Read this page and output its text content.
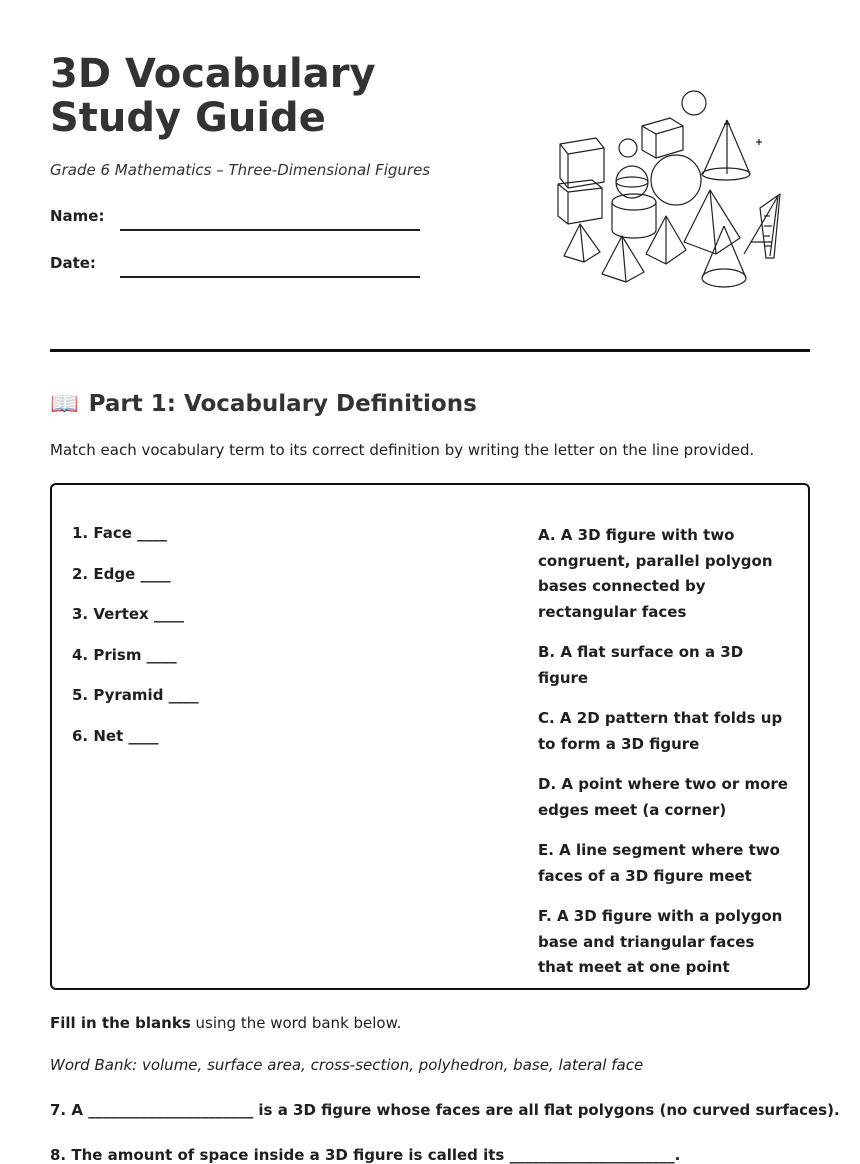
3D Vocabulary Study Guide
Grade 6 Mathematics – Three-Dimensional Figures
Name:
Date:
📖 Part 1: Vocabulary Definitions
Match each vocabulary term to its correct definition by writing the letter on the line provided.
1. Face ____
2. Edge ____
3. Vertex ____
4. Prism ____
5. Pyramid ____
6. Net ____

A. A 3D figure with two congruent, parallel polygon bases connected by rectangular faces

B. A flat surface on a 3D figure

C. A 2D pattern that folds up to form a 3D figure

D. A point where two or more edges meet (a corner)

E. A line segment where two faces of a 3D figure meet

F. A 3D figure with a polygon base and triangular faces that meet at one point

Fill in the blanks using the word bank below.
Word Bank: volume, surface area, cross-section, polyhedron, base, lateral face
7. A ______________________ is a 3D figure whose faces are all flat polygons (no curved surfaces).
8. The amount of space inside a 3D figure is called its ______________________.
